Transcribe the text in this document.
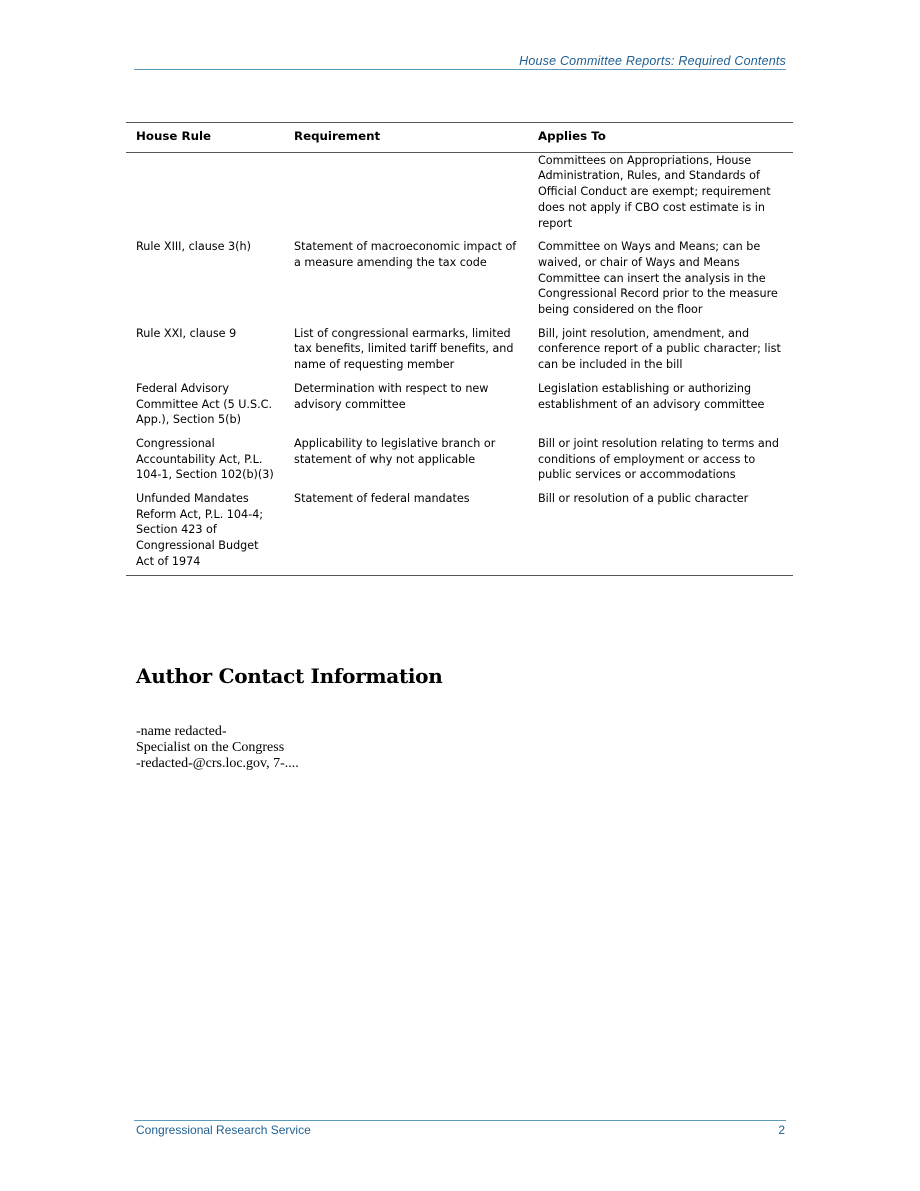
House Committee Reports: Required Contents
House Rule	Requirement	Applies To
		Committees on Appropriations, House Administration, Rules, and Standards of Official Conduct are exempt; requirement does not apply if CBO cost estimate is in report
Rule XIII, clause 3(h)	Statement of macroeconomic impact of a measure amending the tax code	Committee on Ways and Means; can be waived, or chair of Ways and Means Committee can insert the analysis in the Congressional Record prior to the measure being considered on the floor
Rule XXI, clause 9	List of congressional earmarks, limited tax benefits, limited tariff benefits, and name of requesting member	Bill, joint resolution, amendment, and conference report of a public character; list can be included in the bill
Federal Advisory Committee Act (5 U.S.C. App.), Section 5(b)	Determination with respect to new advisory committee	Legislation establishing or authorizing establishment of an advisory committee
Congressional Accountability Act, P.L. 104-1, Section 102(b)(3)	Applicability to legislative branch or statement of why not applicable	Bill or joint resolution relating to terms and conditions of employment or access to public services or accommodations
Unfunded Mandates Reform Act, P.L. 104-4; Section 423 of Congressional Budget Act of 1974	Statement of federal mandates	Bill or resolution of a public character
Author Contact Information
-name redacted-
Specialist on the Congress
-redacted-@crs.loc.gov, 7-....
Congressional Research Service	2
